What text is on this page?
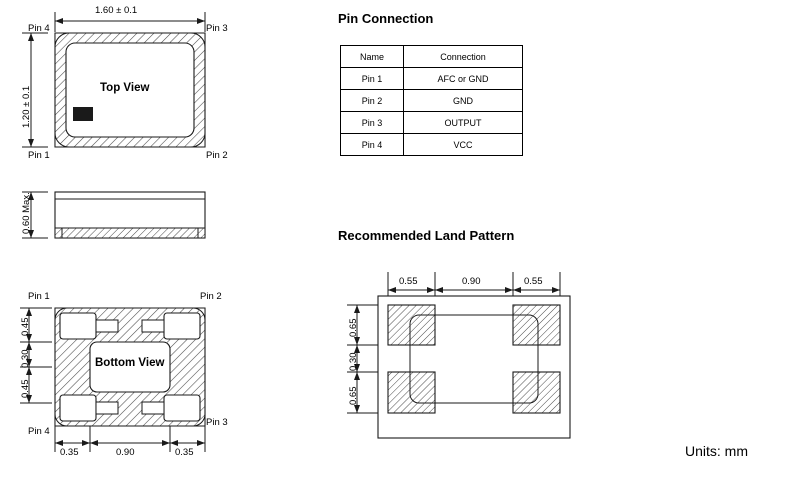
1.60 ± 0.1
1.20 ± 0.1
Pin 4	Pin 3
Pin 1	Pin 2
Top View
0.60 Max.
Pin 1	Pin 2
Pin 4
Pin 3
0.45
0.30
0.45
0.35	0.90	0.35
Bottom View
Pin Connection
Recommended Land Pattern
0.55	0.90	0.55
0.65
0.30
0.65
Units: mm
Name	Connection
Pin 1	AFC or GND
Pin 2	GND
Pin 3	OUTPUT
Pin 4	VCC
